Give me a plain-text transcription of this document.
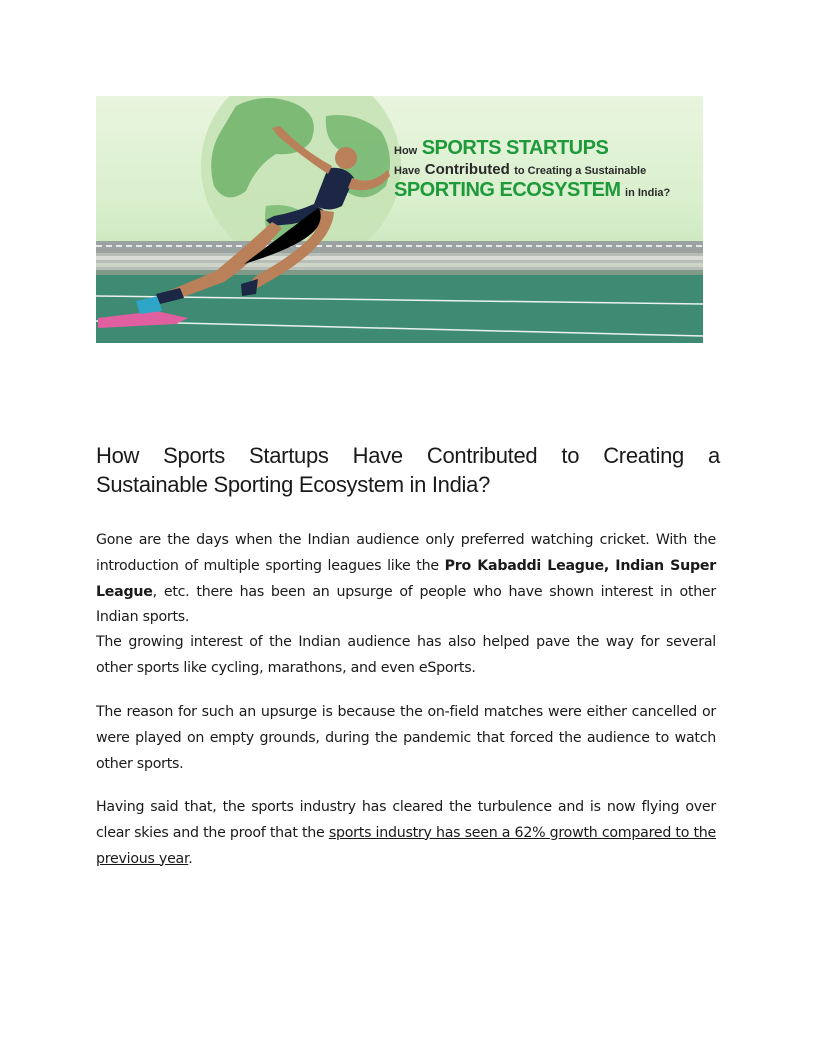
How SPORTS STARTUPS
Have Contributed to Creating a Sustainable
SPORTING ECOSYSTEM in India?
How Sports Startups Have Contributed to Creating a
Sustainable Sporting Ecosystem in India?

Gone are the days when the Indian audience only preferred watching cricket. With the introduction of multiple sporting leagues like the Pro Kabaddi League, Indian Super League, etc. there has been an upsurge of people who have shown interest in other Indian sports.

The growing interest of the Indian audience has also helped pave the way for several other sports like cycling, marathons, and even eSports.

The reason for such an upsurge is because the on-field matches were either cancelled or were played on empty grounds, during the pandemic that forced the audience to watch other sports.

Having said that, the sports industry has cleared the turbulence and is now flying over clear skies and the proof that the sports industry has seen a 62% growth compared to the previous year.
